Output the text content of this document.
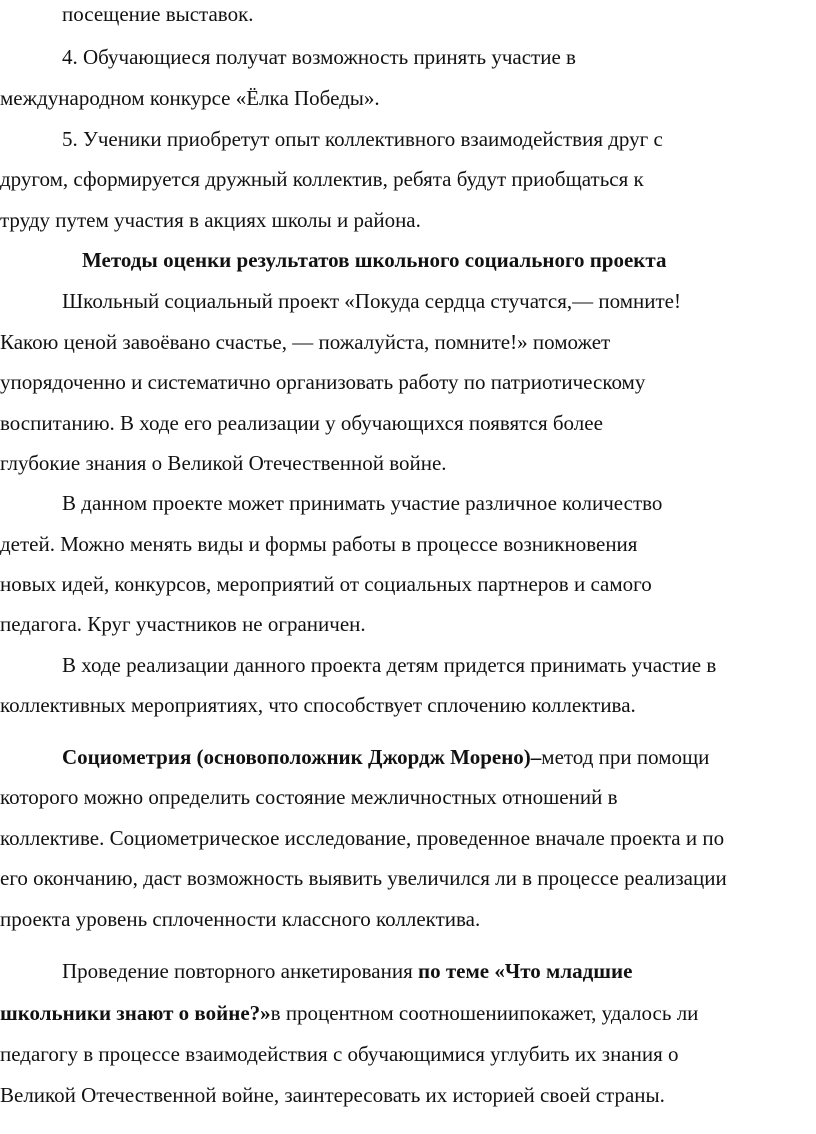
посещение выставок.
4. Обучающиеся получат возможность принять участие в
международном конкурсе «Ёлка Победы».
5. Ученики приобретут опыт коллективного взаимодействия друг с
другом, сформируется дружный коллектив, ребята будут приобщаться к
труду путем участия в акциях школы и района.
Методы оценки результатов школьного социального проекта
Школьный социальный проект «Покуда сердца стучатся,— помните!
Какою ценой завоёвано счастье, — пожалуйста, помните!» поможет
упорядоченно и систематично организовать работу по патриотическому
воспитанию. В ходе его реализации у обучающихся появятся более
глубокие знания о Великой Отечественной войне.
В данном проекте может принимать участие различное количество
детей. Можно менять виды и формы работы в процессе возникновения
новых идей, конкурсов, мероприятий от социальных партнеров и самого
педагога. Круг участников не ограничен.
В ходе реализации данного проекта детям придется принимать участие в
коллективных мероприятиях, что способствует сплочению коллектива.
Социометрия (основоположник Джордж Морено)–метод при помощи
которого можно определить состояние межличностных отношений в
коллективе. Социометрическое исследование, проведенное вначале проекта и по
его окончанию, даст возможность выявить увеличился ли в процессе реализации
проекта уровень сплоченности классного коллектива.
Проведение повторного анкетирования по теме «Что младшие
школьники знают о войне?»в процентном соотношениипокажет, удалось ли
педагогу в процессе взаимодействия с обучающимися углубить их знания о
Великой Отечественной войне, заинтересовать их историей своей страны.
